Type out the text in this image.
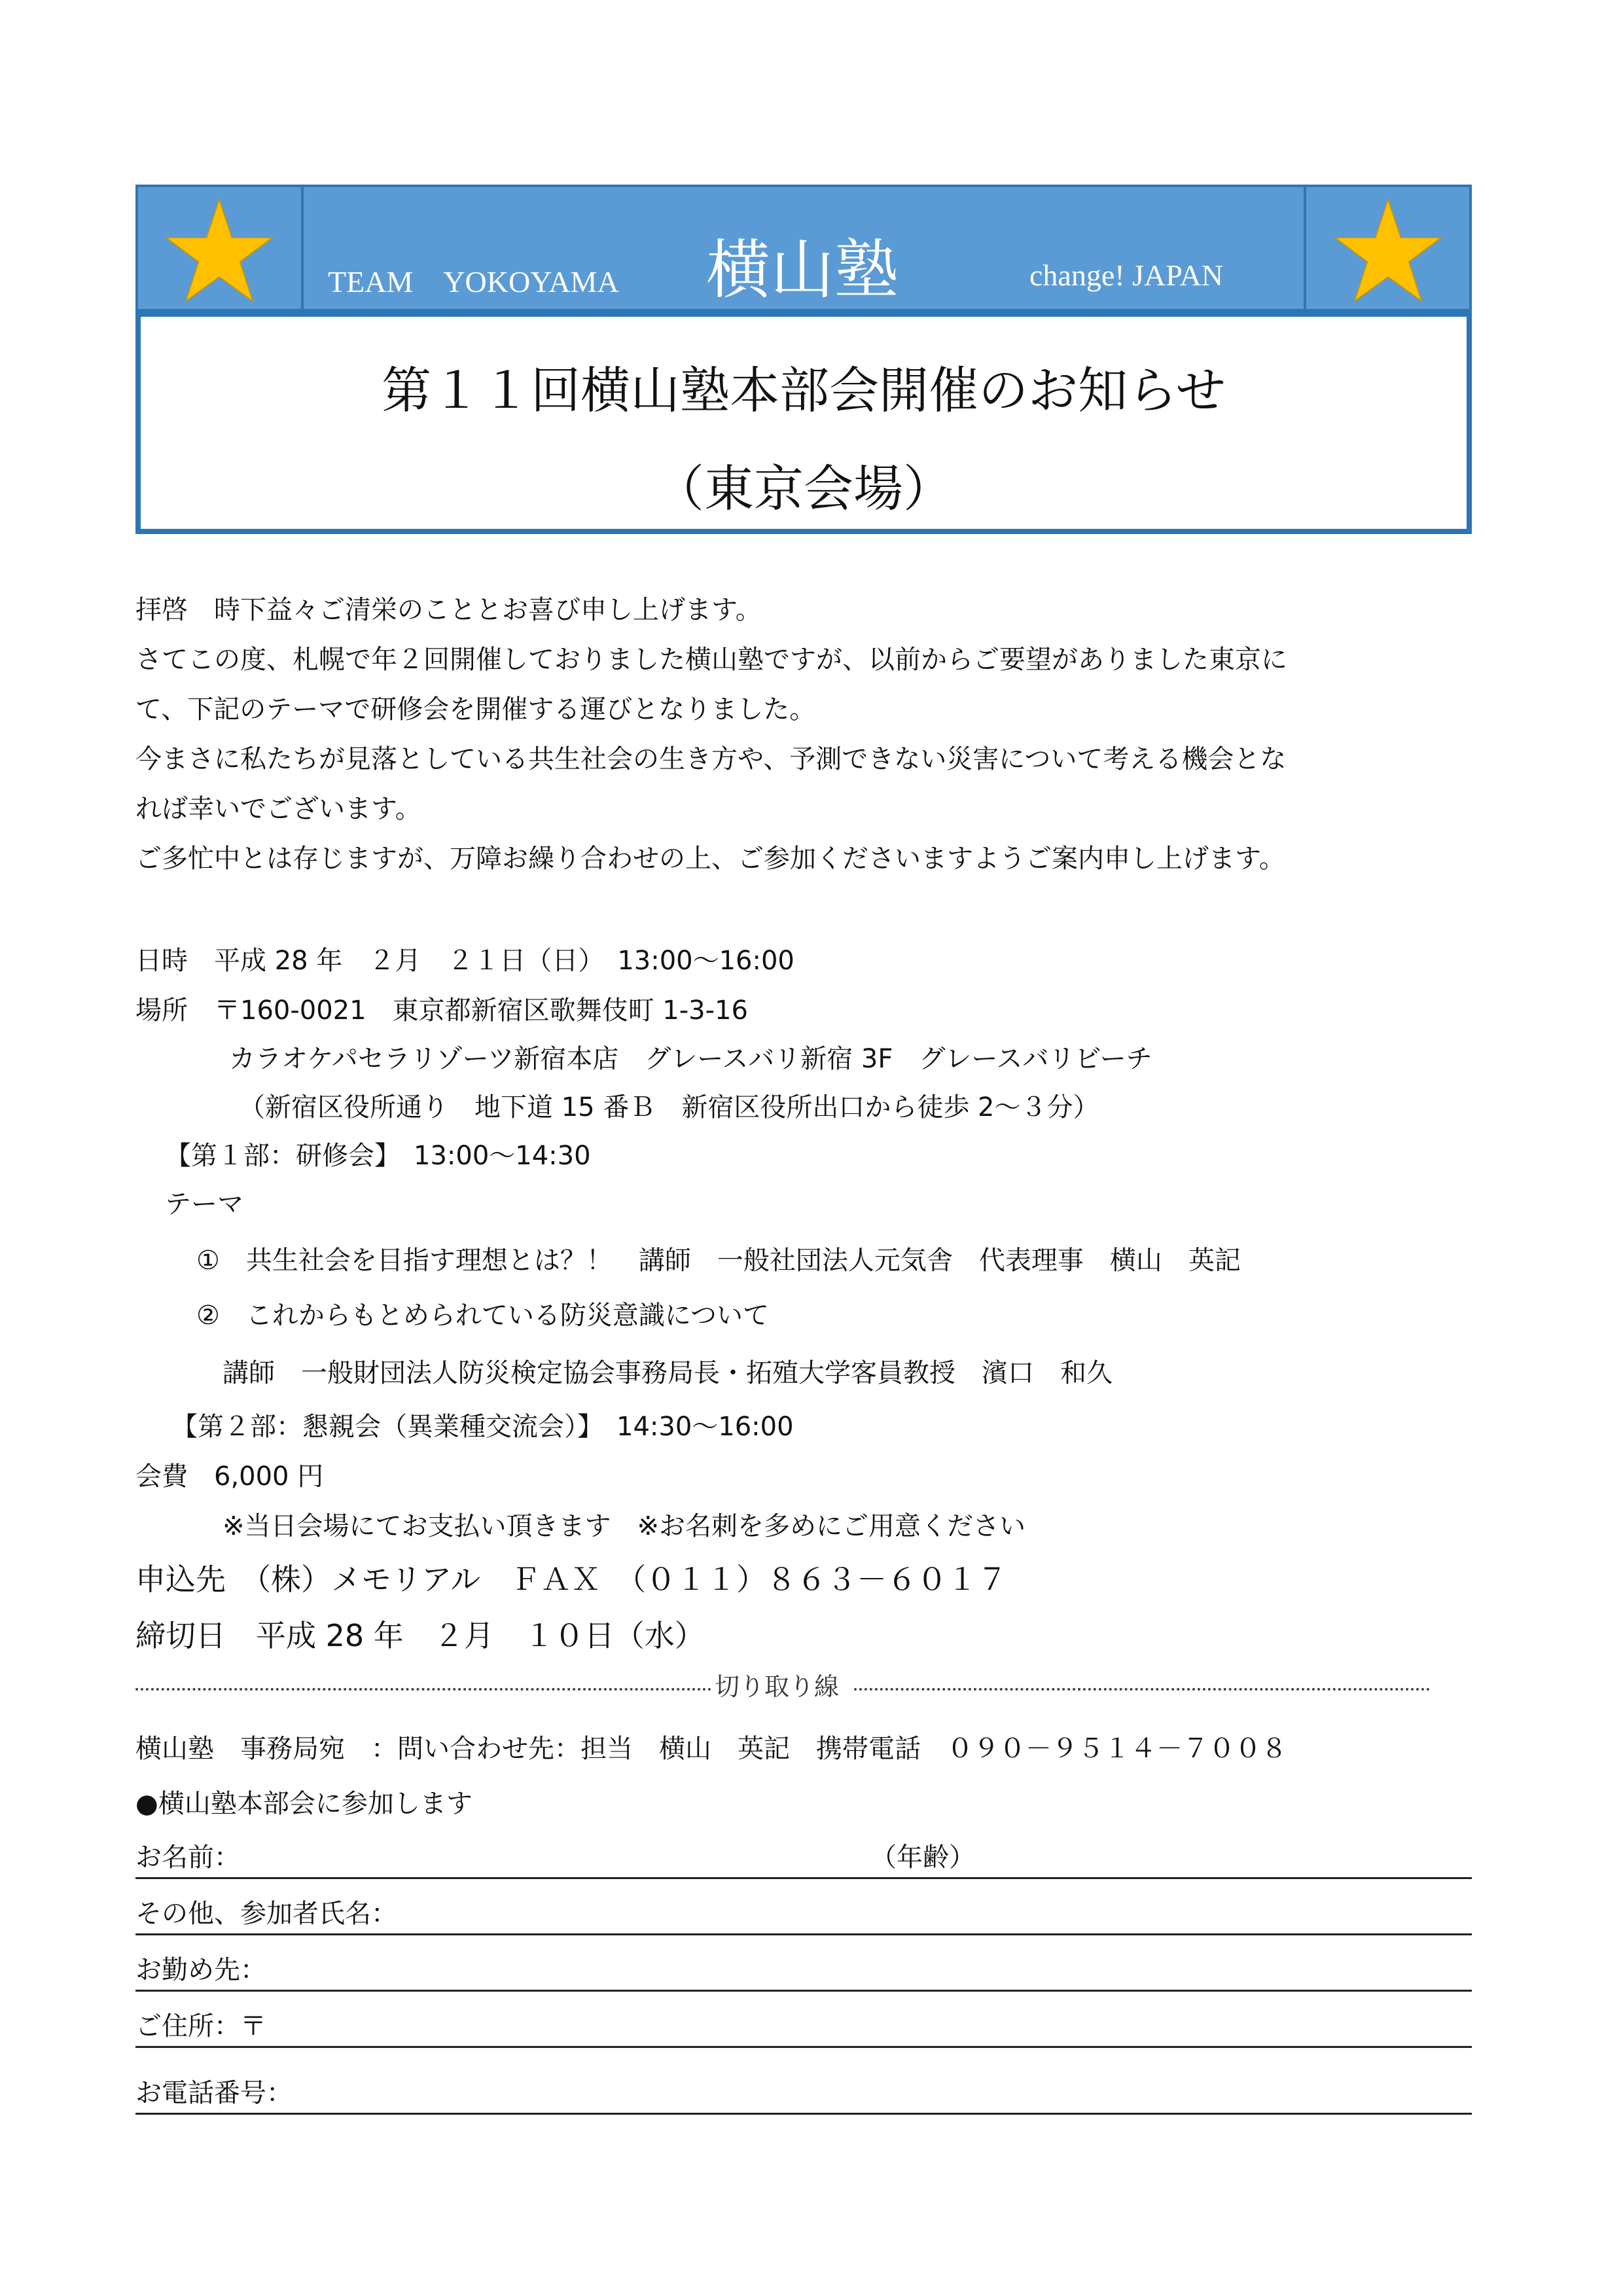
TEAM　YOKOYAMA 横山塾	change! JAPAN
第１１回横山塾本部会開催のお知らせ
（東京会場）
拝啓　時下益々ご清栄のこととお喜び申し上げます。
さてこの度、札幌で年２回開催しておりました横山塾ですが、以前からご要望がありました東京に
て、下記のテーマで研修会を開催する運びとなりました。
今まさに私たちが見落としている共生社会の生き方や、予測できない災害について考える機会とな
れば幸いでございます。
ご多忙中とは存じますが、万障お繰り合わせの上、ご参加くださいますようご案内申し上げます。
日時　平成 28 年　２月　２１日（日）　13:00～16:00
場所　〒160-0021　東京都新宿区歌舞伎町 1-3-16
カラオケパセラリゾーツ新宿本店　グレースバリ新宿 3F　グレースバリビーチ
（新宿区役所通り　地下道 15 番Ｂ　新宿区役所出口から徒歩 2～３分）
【第１部：研修会】　13:00～14:30
テーマ
①　共生社会を目指す理想とは？！　講師　一般社団法人元気舎　代表理事　横山　英記
②　これからもとめられている防災意識について
講師　一般財団法人防災検定協会事務局長・拓殖大学客員教授　濱口　和久
【第２部：懇親会（異業種交流会）】　14:30～16:00
会費　6,000 円
※当日会場にてお支払い頂きます　※お名刺を多めにご用意ください
申込先　（株）メモリアル　ＦＡＸ　（０１１）８６３－６０１７
締切日　平成 28 年　２月　１０日（水）
切り取り線
横山塾　事務局宛　：問い合わせ先：担当　横山　英記　携帯電話　０９０－９５１４－７００８
●横山塾本部会に参加します
お名前：	（年齢）
その他、参加者氏名：
お勤め先：
ご住所：〒
お電話番号：
